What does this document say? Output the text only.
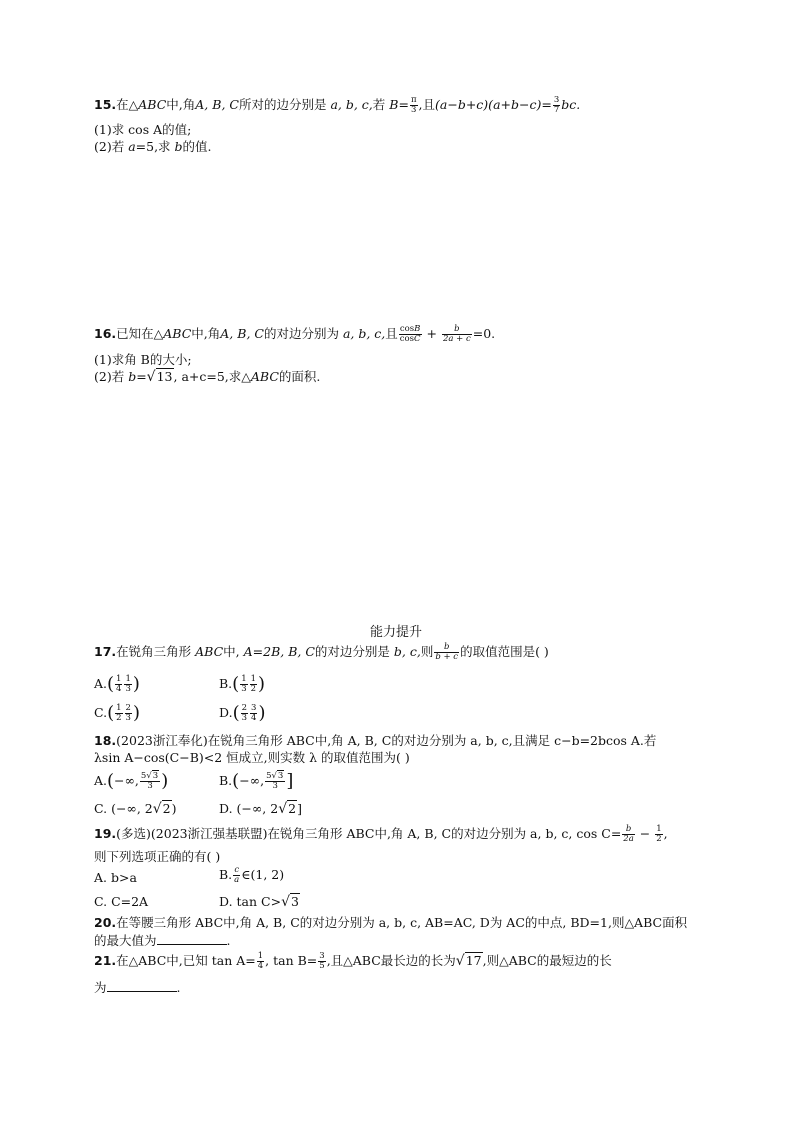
15.在△ABC中,角A, B, C所对的边分别是 a, b, c,若 $B= \frac{\pi}{3}$ ,且$(a-b+c)(a+b-c)= \frac{3}{7}$ bc.
(1)求 cos A的值;
(2)若 a=5,求 b的值.
16.已知在△ABC中,角A, B, C的对边分别为 a, b, c,且 $\frac{\cos B}{\cos C} + \frac{b}{2a + c} =0$.
(1)求角 B的大小;
(2)若 b=√13, a+c=5,求△ABC的面积.
能力提升
17.在锐角三角形 ABC中, A=2B, B, C的对边分别是 b, c,则 $\frac{b}{b + c}$ 的取值范围是( )
$A.( \frac{1}{4} \frac{1}{3}$ )	$B.( \frac{1}{3} \frac{1}{2}$ )
$C.( \frac{1}{2} \frac{2}{3}$ )	$D.( \frac{2}{3} \frac{3}{4}$ )
18.(2023浙江奉化)在锐角三角形 ABC中,角 A, B, C的对边分别为 a, b, c,且满足 c−b=2bcos A.若
λsin A−cos(C−B)<2 恒成立,则实数 λ 的取值范围为( )
A.(−∞, $\frac{5√3}{3}$ )	B.(−∞, $\frac{5√3}{3}$ ]
C. (−∞, 2√2)	D. (−∞, 2√2]
19.(多选)(2023浙江强基联盟)在锐角三角形 ABC中,角 A, B, C的对边分别为 a, b, c, $\cos C= \frac{b}{2a} - \frac{1}{2}$ ,
则下列选项正确的有( )
A. b>a	B. $\frac{c}{a}$ ∈(1, 2)
C. C=2A	D. tan C>√3
20.在等腰三角形 ABC中,角 A, B, C的对边分别为 a, b, c, AB=AC, D为 AC的中点, BD=1,则△ABC面积
的最大值为	.
21.在△ABC中,已知 $\tan A= \frac{1}{4}$ , $\tan B= \frac{3}{5}$ ,且△ABC最长边的长为√17,则△ABC的最短边的长
为	.
